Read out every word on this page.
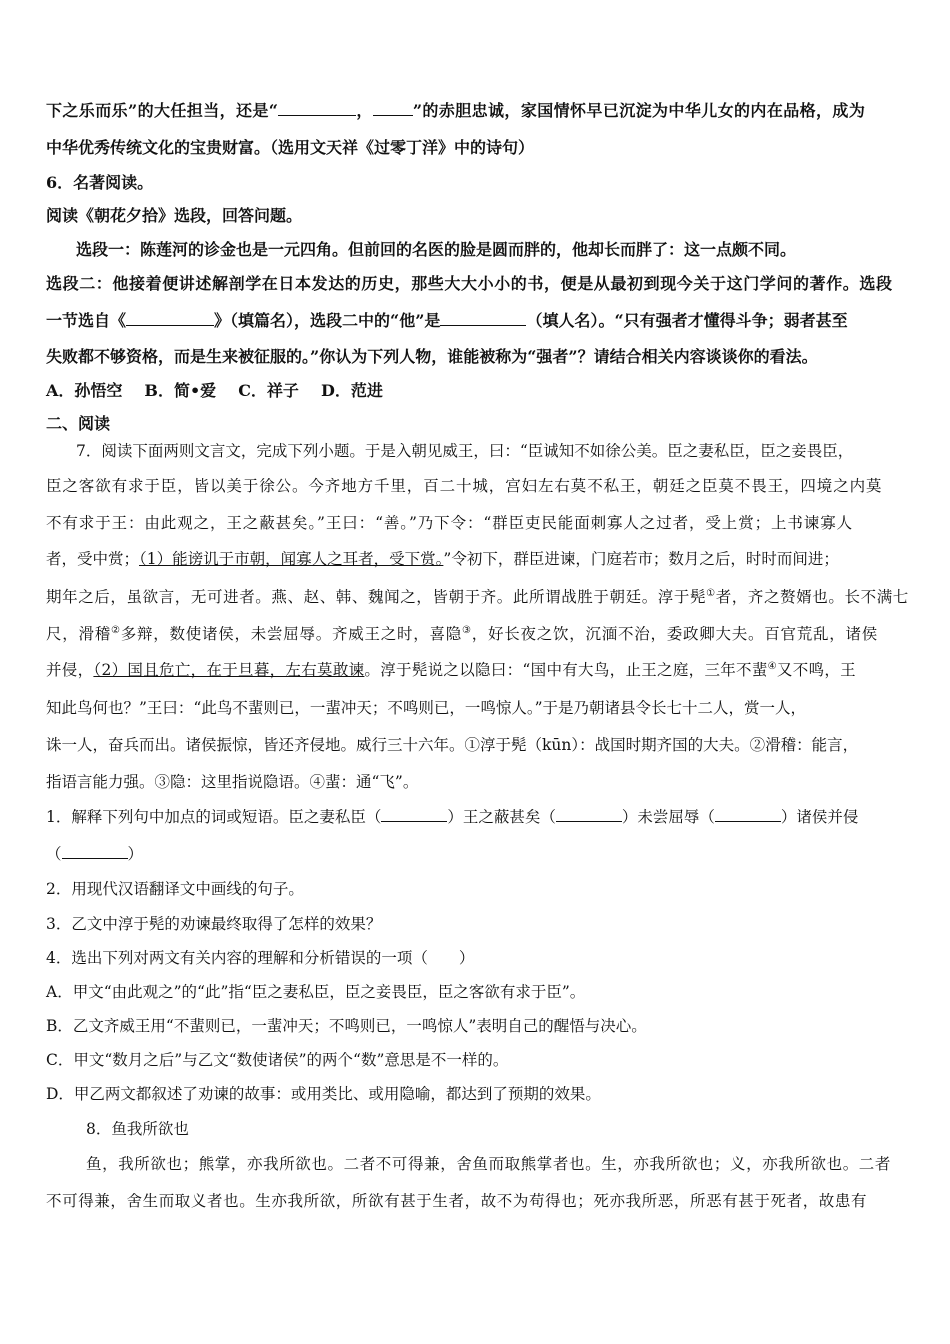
下之乐而乐”的大任担当，还是“	，	”的赤胆忠诚，家国情怀早已沉淀为中华儿女的内在品格，成为
中华优秀传统文化的宝贵财富。（选用文天祥《过零丁洋》中的诗句）
6．名著阅读。
阅读《朝花夕拾》选段，回答问题。
选段一：陈莲河的诊金也是一元四角。但前回的名医的脸是圆而胖的，他却长而胖了：这一点颇不同。
选段二：他接着便讲述解剖学在日本发达的历史，那些大大小小的书，便是从最初到现今关于这门学问的著作。选段
一节选自《	》（填篇名），选段二中的“他”是	（填人名）。“只有强者才懂得斗争；弱者甚至
失败都不够资格，而是生来被征服的。”你认为下列人物，谁能被称为“强者”？请结合相关内容谈谈你的看法。
A．孙悟空 B．简•爱 C．祥子 D．范进
二、阅读
7．阅读下面两则文言文，完成下列小题。于是入朝见威王，曰：“臣诚知不如徐公美。臣之妻私臣，臣之妾畏臣，
臣之客欲有求于臣，皆以美于徐公。今齐地方千里，百二十城，宫妇左右莫不私王，朝廷之臣莫不畏王，四境之内莫
不有求于王：由此观之，王之蔽甚矣。”王曰：“善。”乃下令：“群臣吏民能面刺寡人之过者，受上赏；上书谏寡人
者，受中赏；（1）能谤讥于市朝，闻寡人之耳者，受下赏。”令初下，群臣进谏，门庭若市；数月之后，时时而间进；
期年之后，虽欲言，无可进者。燕、赵、韩、魏闻之，皆朝于齐。此所谓战胜于朝廷。淳于髡①者，齐之赘婿也。长不满七
尺，滑稽②多辩，数使诸侯，未尝屈辱。齐威王之时，喜隐③，好长夜之饮，沉湎不治，委政卿大夫。百官荒乱，诸侯
并侵，（2）国且危亡，在于旦暮，左右莫敢谏。淳于髡说之以隐曰：“国中有大鸟，止王之庭，三年不蜚④又不鸣，王
知此鸟何也？”王曰：“此鸟不蜚则已，一蜚冲天；不鸣则已，一鸣惊人。”于是乃朝诸县令长七十二人，赏一人，
诛一人，奋兵而出。诸侯振惊，皆还齐侵地。威行三十六年。①淳于髡（kūn）：战国时期齐国的大夫。②滑稽：能言，
指语言能力强。③隐：这里指说隐语。④蜚：通“飞”。
1．解释下列句中加点的词或短语。臣之妻私臣（	）王之蔽甚矣（	）未尝屈辱（	）诸侯并侵
（	）
2．用现代汉语翻译文中画线的句子。
3．乙文中淳于髡的劝谏最终取得了怎样的效果？
4．选出下列对两文有关内容的理解和分析错误的一项（　　）
A．甲文“由此观之”的“此”指“臣之妻私臣，臣之妾畏臣，臣之客欲有求于臣”。
B．乙文齐威王用“不蜚则已，一蜚冲天；不鸣则已，一鸣惊人”表明自己的醒悟与决心。
C．甲文“数月之后”与乙文“数使诸侯”的两个“数”意思是不一样的。
D．甲乙两文都叙述了劝谏的故事：或用类比、或用隐喻，都达到了预期的效果。
8．鱼我所欲也
鱼，我所欲也；熊掌，亦我所欲也。二者不可得兼，舍鱼而取熊掌者也。生，亦我所欲也；义，亦我所欲也。二者
不可得兼，舍生而取义者也。生亦我所欲，所欲有甚于生者，故不为苟得也；死亦我所恶，所恶有甚于死者，故患有
